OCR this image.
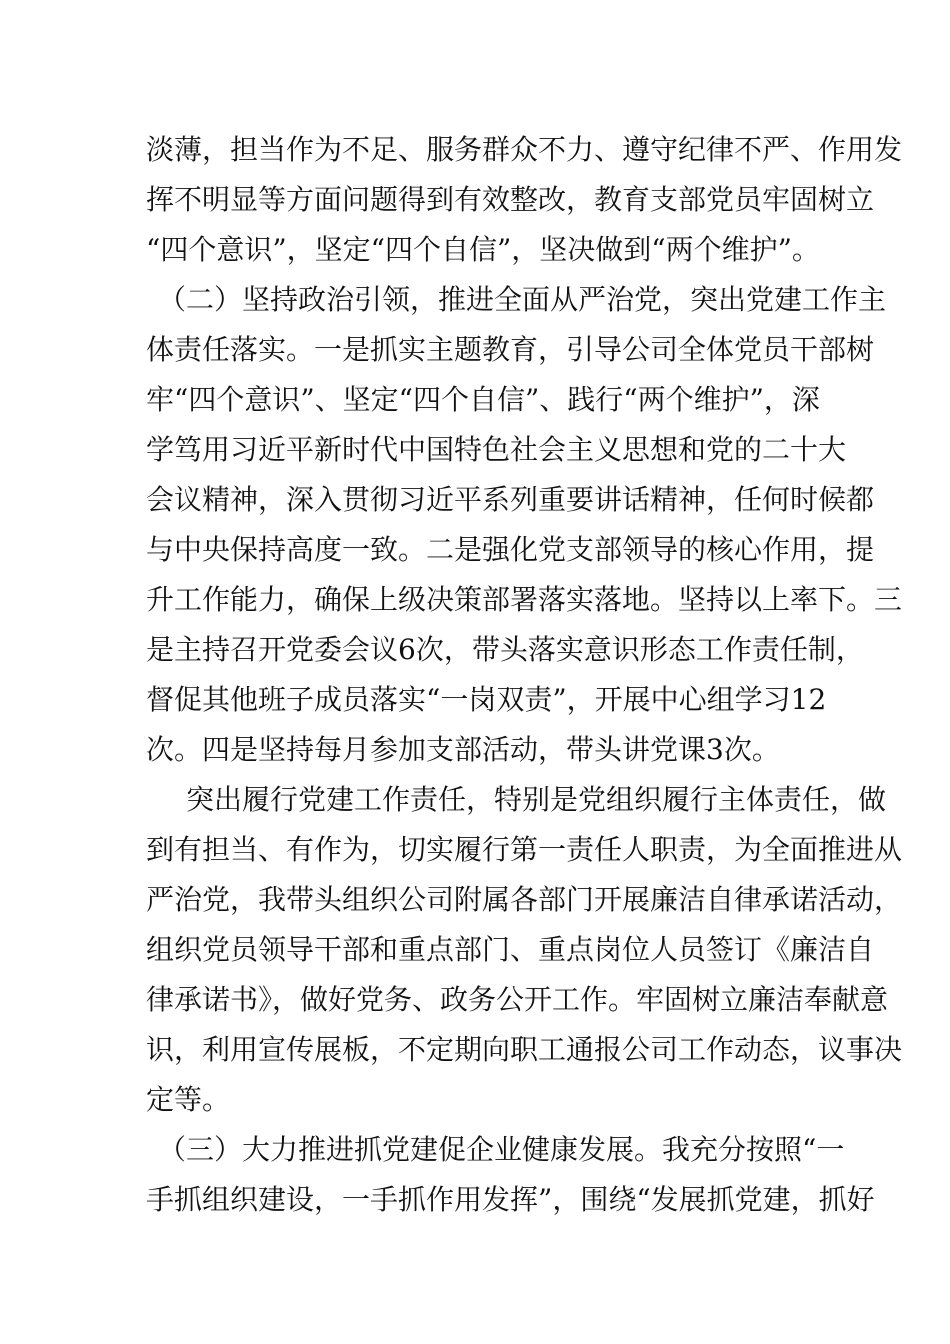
淡薄，担当作为不足、服务群众不力、遵守纪律不严、作用发
挥不明显等方面问题得到有效整改，教育支部党员牢固树立
“四个意识”，坚定“四个自信”，坚决做到“两个维护”。
（二）坚持政治引领，推进全面从严治党，突出党建工作主
体责任落实。一是抓实主题教育，引导公司全体党员干部树
牢“四个意识”、坚定“四个自信”、践行“两个维护”，深
学笃用习近平新时代中国特色社会主义思想和党的二十大
会议精神，深入贯彻习近平系列重要讲话精神，任何时候都
与中央保持高度一致。二是强化党支部领导的核心作用，提
升工作能力，确保上级决策部署落实落地。坚持以上率下。三
是主持召开党委会议6次，带头落实意识形态工作责任制，
督促其他班子成员落实“一岗双责”，开展中心组学习12
次。四是坚持每月参加支部活动，带头讲党课3次。
突出履行党建工作责任，特别是党组织履行主体责任，做
到有担当、有作为，切实履行第一责任人职责，为全面推进从
严治党，我带头组织公司附属各部门开展廉洁自律承诺活动，
组织党员领导干部和重点部门、重点岗位人员签订《廉洁自
律承诺书》，做好党务、政务公开工作。牢固树立廉洁奉献意
识，利用宣传展板，不定期向职工通报公司工作动态，议事决
定等。
（三）大力推进抓党建促企业健康发展。我充分按照“一
手抓组织建设，一手抓作用发挥”，围绕“发展抓党建，抓好
